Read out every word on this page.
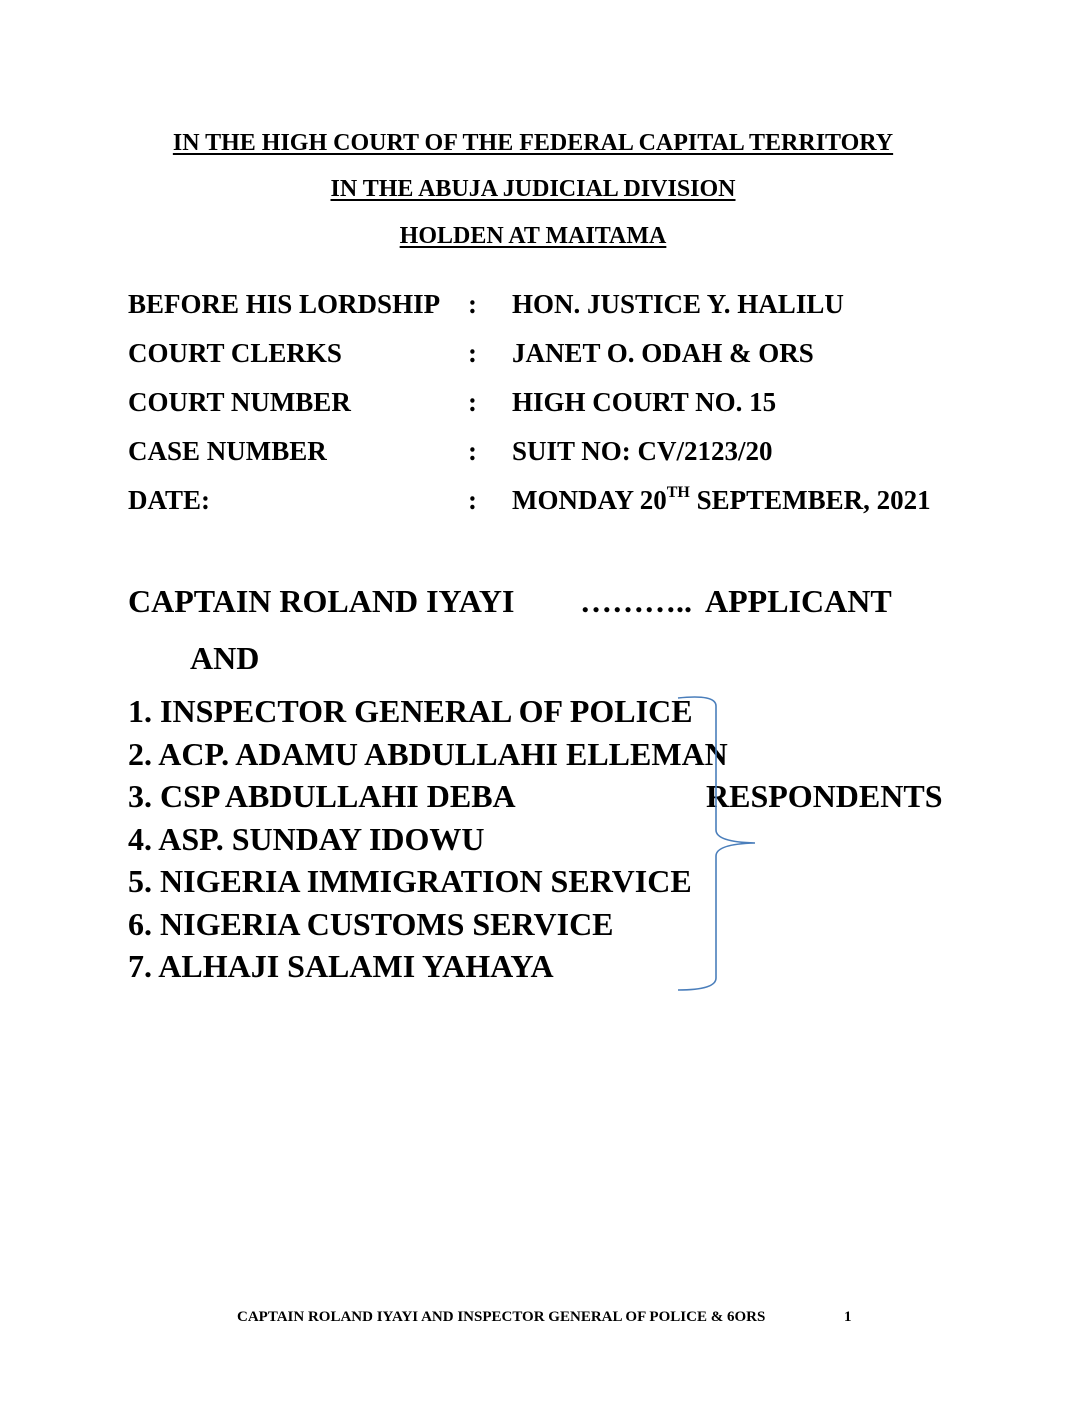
IN THE HIGH COURT OF THE FEDERAL CAPITAL TERRITORY
IN THE ABUJA JUDICIAL DIVISION
HOLDEN AT MAITAMA
BEFORE HIS LORDSHIP : HON. JUSTICE Y. HALILU
COURT CLERKS	: JANET O. ODAH & ORS
COURT NUMBER	: HIGH COURT NO. 15
CASE NUMBER	: SUIT NO: CV/2123/20
DATE:	: MONDAY 20TH SEPTEMBER, 2021
CAPTAIN ROLAND IYAYI ……….. APPLICANT
AND
1. INSPECTOR GENERAL OF POLICE
2. ACP. ADAMU ABDULLAHI ELLEMAN
3. CSP ABDULLAHI DEBA
4. ASP. SUNDAY IDOWU
5. NIGERIA IMMIGRATION SERVICE
6. NIGERIA CUSTOMS SERVICE
7. ALHAJI SALAMI YAHAYA
RESPONDENTS
CAPTAIN ROLAND IYAYI AND INSPECTOR GENERAL OF POLICE & 6ORS	1
